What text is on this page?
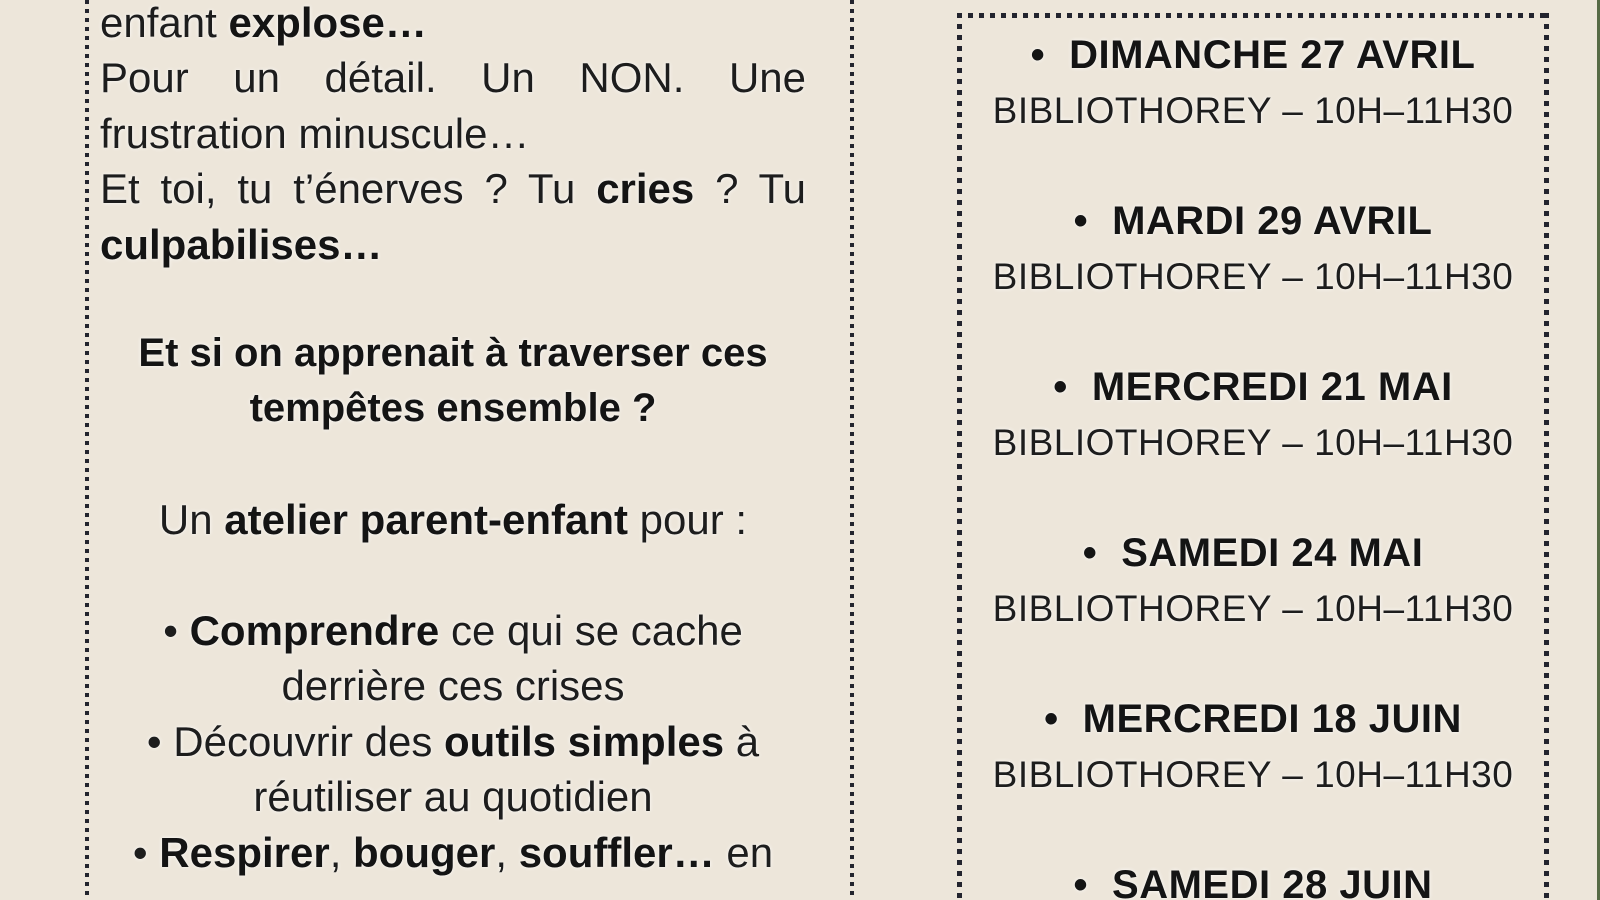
enfant explose…
Pour un détail. Un NON. Une
frustration minuscule…
Et toi, tu t’énerves ? Tu cries ? Tu
culpabilises…
Et si on apprenait à traverser ces
tempêtes ensemble ?
Un atelier parent-enfant pour :
• Comprendre ce qui se cache
derrière ces crises
• Découvrir des outils simples à
réutiliser au quotidien
• Respirer, bouger, souffler… en
• DIMANCHE 27 AVRIL
BIBLIOTHOREY – 10H–11H30
• MARDI 29 AVRIL
BIBLIOTHOREY – 10H–11H30
• MERCREDI 21 MAI
BIBLIOTHOREY – 10H–11H30
• SAMEDI 24 MAI
BIBLIOTHOREY – 10H–11H30
• MERCREDI 18 JUIN
BIBLIOTHOREY – 10H–11H30
• SAMEDI 28 JUIN
